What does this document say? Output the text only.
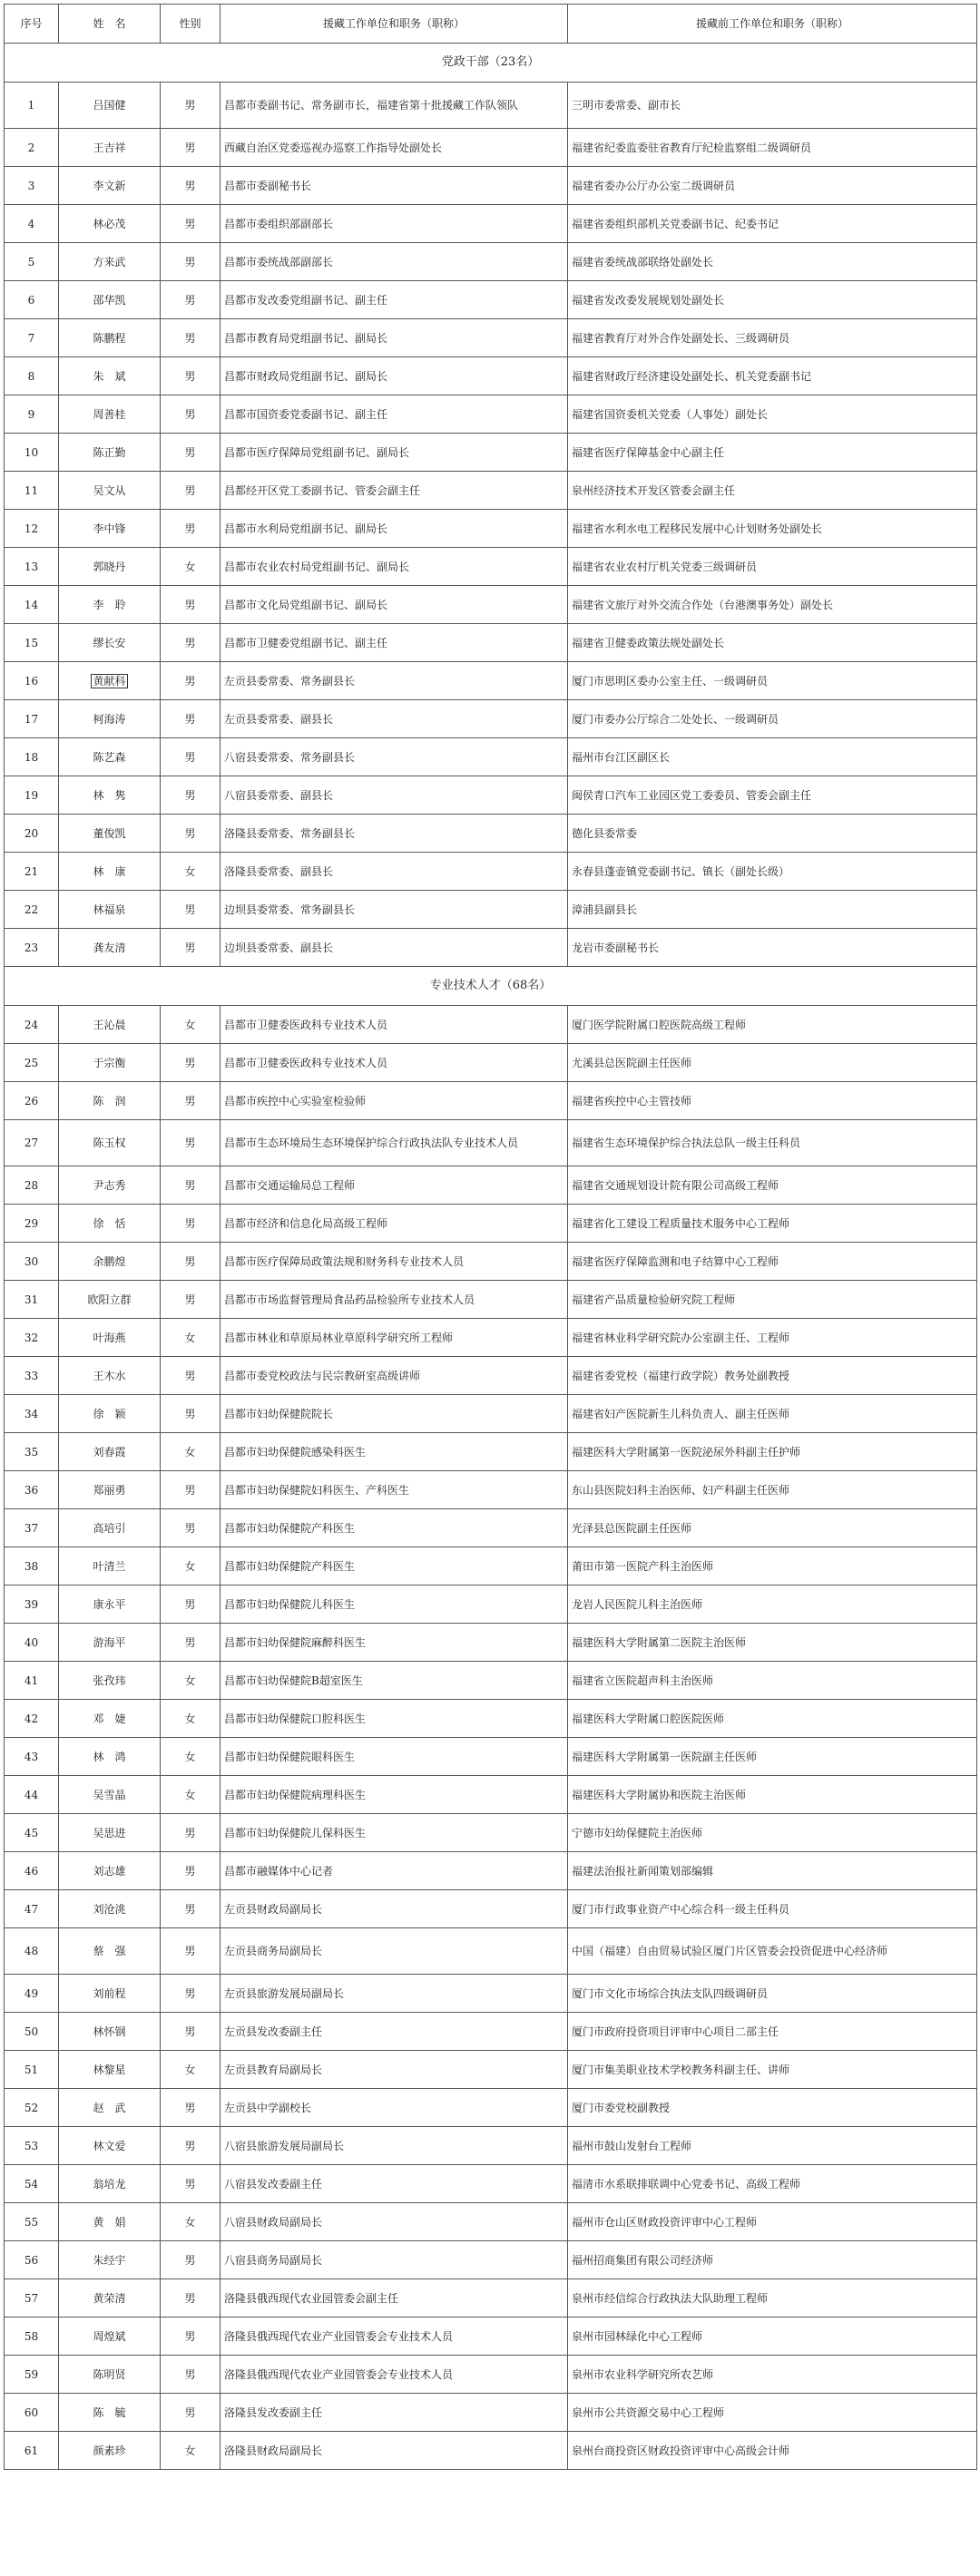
序号	姓　名	性别	援藏工作单位和职务（职称）	援藏前工作单位和职务（职称）
党政干部（23名）				
1	吕国健	男	昌都市委副书记、常务副市长，福建省第十批援藏工作队领队	三明市委常委、副市长
2	王吉祥	男	西藏自治区党委巡视办巡察工作指导处副处长	福建省纪委监委驻省教育厅纪检监察组二级调研员
3	李文新	男	昌都市委副秘书长	福建省委办公厅办公室二级调研员
4	林必茂	男	昌都市委组织部副部长	福建省委组织部机关党委副书记、纪委书记
5	方来武	男	昌都市委统战部副部长	福建省委统战部联络处副处长
6	邵华凯	男	昌都市发改委党组副书记、副主任	福建省发改委发展规划处副处长
7	陈鹏程	男	昌都市教育局党组副书记、副局长	福建省教育厅对外合作处副处长、三级调研员
8	朱　斌	男	昌都市财政局党组副书记、副局长	福建省财政厅经济建设处副处长、机关党委副书记
9	周善桂	男	昌都市国资委党委副书记、副主任	福建省国资委机关党委（人事处）副处长
10	陈正勤	男	昌都市医疗保障局党组副书记、副局长	福建省医疗保障基金中心副主任
11	吴文从	男	昌都经开区党工委副书记、管委会副主任	泉州经济技术开发区管委会副主任
12	李中锋	男	昌都市水利局党组副书记、副局长	福建省水利水电工程移民发展中心计划财务处副处长
13	郭晓丹	女	昌都市农业农村局党组副书记、副局长	福建省农业农村厅机关党委三级调研员
14	李　聆	男	昌都市文化局党组副书记、副局长	福建省文旅厅对外交流合作处（台港澳事务处）副处长
15	缪长安	男	昌都市卫健委党组副书记、副主任	福建省卫健委政策法规处副处长
16	黄献科	男	左贡县委常委、常务副县长	厦门市思明区委办公室主任、一级调研员
17	柯海涛	男	左贡县委常委、副县长	厦门市委办公厅综合二处处长、一级调研员
18	陈艺森	男	八宿县委常委、常务副县长	福州市台江区副区长
19	林　隽	男	八宿县委常委、副县长	闽侯青口汽车工业园区党工委委员、管委会副主任
20	董俊凯	男	洛隆县委常委、常务副县长	德化县委常委
21	林　康	女	洛隆县委常委、副县长	永春县蓬壶镇党委副书记、镇长（副处长级）
22	林福泉	男	边坝县委常委、常务副县长	漳浦县副县长
23	龚友清	男	边坝县委常委、副县长	龙岩市委副秘书长
专业技术人才（68名）				
24	王沁晨	女	昌都市卫健委医政科专业技术人员	厦门医学院附属口腔医院高级工程师
25	于宗衡	男	昌都市卫健委医政科专业技术人员	尤溪县总医院副主任医师
26	陈　润	男	昌都市疾控中心实验室检验师	福建省疾控中心主管技师
27	陈玉权	男	昌都市生态环境局生态环境保护综合行政执法队专业技术人员	福建省生态环境保护综合执法总队一级主任科员
28	尹志秀	男	昌都市交通运输局总工程师	福建省交通规划设计院有限公司高级工程师
29	徐　恬	男	昌都市经济和信息化局高级工程师	福建省化工建设工程质量技术服务中心工程师
30	余鹏煌	男	昌都市医疗保障局政策法规和财务科专业技术人员	福建省医疗保障监测和电子结算中心工程师
31	欧阳立群	男	昌都市市场监督管理局食品药品检验所专业技术人员	福建省产品质量检验研究院工程师
32	叶海燕	女	昌都市林业和草原局林业草原科学研究所工程师	福建省林业科学研究院办公室副主任、工程师
33	王木水	男	昌都市委党校政法与民宗教研室高级讲师	福建省委党校（福建行政学院）教务处副教授
34	徐　颖	男	昌都市妇幼保健院院长	福建省妇产医院新生儿科负责人、副主任医师
35	刘春霞	女	昌都市妇幼保健院感染科医生	福建医科大学附属第一医院泌尿外科副主任护师
36	郑丽勇	男	昌都市妇幼保健院妇科医生、产科医生	东山县医院妇科主治医师、妇产科副主任医师
37	高培引	男	昌都市妇幼保健院产科医生	光泽县总医院副主任医师
38	叶清兰	女	昌都市妇幼保健院产科医生	莆田市第一医院产科主治医师
39	康永平	男	昌都市妇幼保健院儿科医生	龙岩人民医院儿科主治医师
40	游海平	男	昌都市妇幼保健院麻醉科医生	福建医科大学附属第二医院主治医师
41	张孜玮	女	昌都市妇幼保健院B超室医生	福建省立医院超声科主治医师
42	邓　婕	女	昌都市妇幼保健院口腔科医生	福建医科大学附属口腔医院医师
43	林　鸿	女	昌都市妇幼保健院眼科医生	福建医科大学附属第一医院副主任医师
44	吴雪晶	女	昌都市妇幼保健院病理科医生	福建医科大学附属协和医院主治医师
45	吴思进	男	昌都市妇幼保健院儿保科医生	宁德市妇幼保健院主治医师
46	刘志雄	男	昌都市融媒体中心记者	福建法治报社新闻策划部编辑
47	刘沧洮	男	左贡县财政局副局长	厦门市行政事业资产中心综合科一级主任科员
48	蔡　强	男	左贡县商务局副局长	中国（福建）自由贸易试验区厦门片区管委会投资促进中心经济师
49	刘前程	男	左贡县旅游发展局副局长	厦门市文化市场综合执法支队四级调研员
50	林怀钢	男	左贡县发改委副主任	厦门市政府投资项目评审中心项目二部主任
51	林黎星	女	左贡县教育局副局长	厦门市集美职业技术学校教务科副主任、讲师
52	赵　武	男	左贡县中学副校长	厦门市委党校副教授
53	林文爱	男	八宿县旅游发展局副局长	福州市鼓山发射台工程师
54	翁培龙	男	八宿县发改委副主任	福清市水系联排联调中心党委书记、高级工程师
55	黄　娟	女	八宿县财政局副局长	福州市仓山区财政投资评审中心工程师
56	朱经宇	男	八宿县商务局副局长	福州招商集团有限公司经济师
57	黄荣清	男	洛隆县俄西现代农业园管委会副主任	泉州市经信综合行政执法大队助理工程师
58	周煌斌	男	洛隆县俄西现代农业产业园管委会专业技术人员	泉州市园林绿化中心工程师
59	陈明贤	男	洛隆县俄西现代农业产业园管委会专业技术人员	泉州市农业科学研究所农艺师
60	陈　毓	男	洛隆县发改委副主任	泉州市公共资源交易中心工程师
61	颜素珍	女	洛隆县财政局副局长	泉州台商投资区财政投资评审中心高级会计师
